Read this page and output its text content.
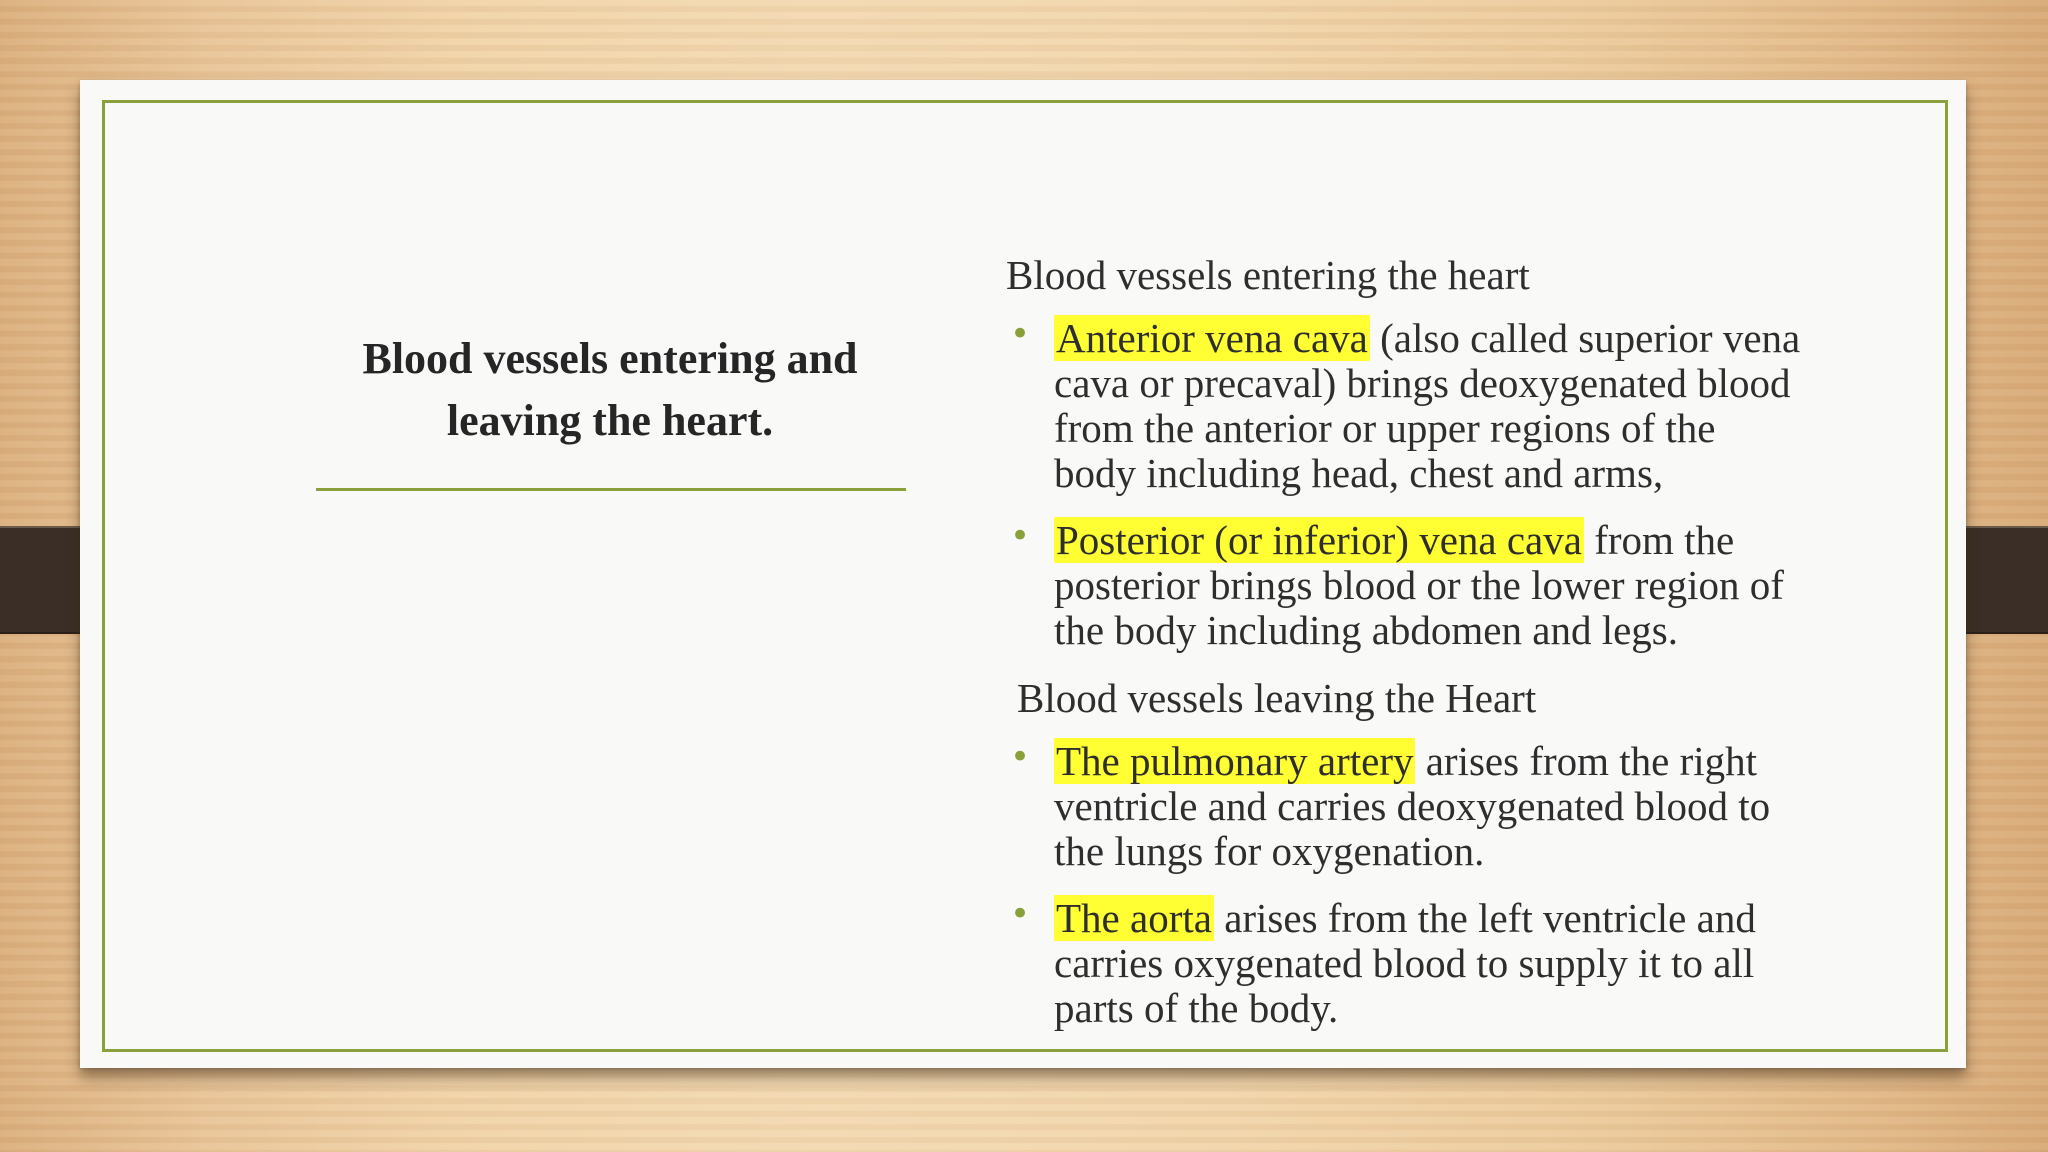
Blood vessels entering and
leaving the heart.

Blood vessels entering the heart

• Anterior vena cava (also called superior vena
cava or precaval) brings deoxygenated blood
from the anterior or upper regions of the
body including head, chest and arms,
• Posterior (or inferior) vena cava from the
posterior brings blood or the lower region of
the body including abdomen and legs.

Blood vessels leaving the Heart

• The pulmonary artery arises from the right
ventricle and carries deoxygenated blood to
the lungs for oxygenation.
• The aorta arises from the left ventricle and
carries oxygenated blood to supply it to all
parts of the body.
